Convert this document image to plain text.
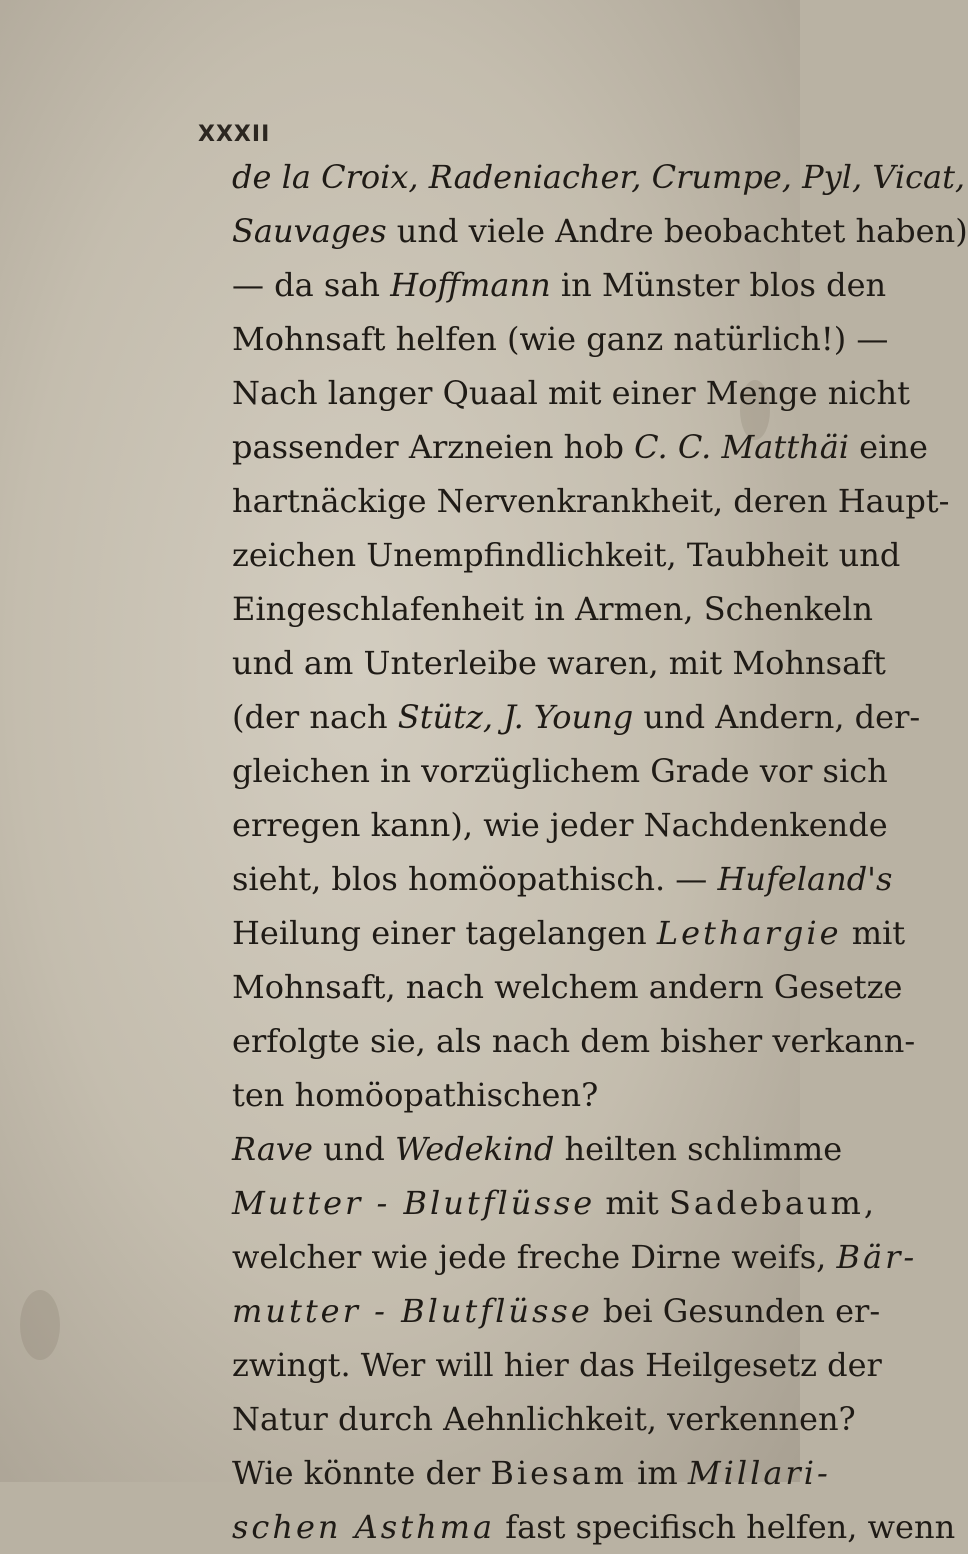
XXXII
de la Croix, Radeniacher, Crumpe, Pyl, Vicat,
Sauvages und viele Andre beobachtet haben)
— da sah Hoffmann in Münster blos den
Mohnsaft helfen (wie ganz natürlich!) —
Nach langer Quaal mit einer Menge nicht
passender Arzneien hob C. C. Matthäi eine
hartnäckige Nervenkrankheit, deren Haupt-
zeichen Unempfindlichkeit, Taubheit und
Eingeschlafenheit in Armen, Schenkeln
und am Unterleibe waren, mit Mohnsaft
(der nach Stütz, J. Young und Andern, der-
gleichen in vorzüglichem Grade vor sich
erregen kann), wie jeder Nachdenkende
sieht, blos homöopathisch. — Hufeland's
Heilung einer tagelangen Lethargie mit
Mohnsaft, nach welchem andern Gesetze
erfolgte sie, als nach dem bisher verkann-
ten homöopathischen?
Rave und Wedekind heilten schlimme
Mutter - Blutflüsse mit Sadebaum,
welcher wie jede freche Dirne weifs, Bär-
mutter - Blutflüsse bei Gesunden er-
zwingt. Wer will hier das Heilgesetz der
Natur durch Aehnlichkeit, verkennen?
Wie könnte der Biesam im Millari-
schen Asthma fast specifisch helfen, wenn
